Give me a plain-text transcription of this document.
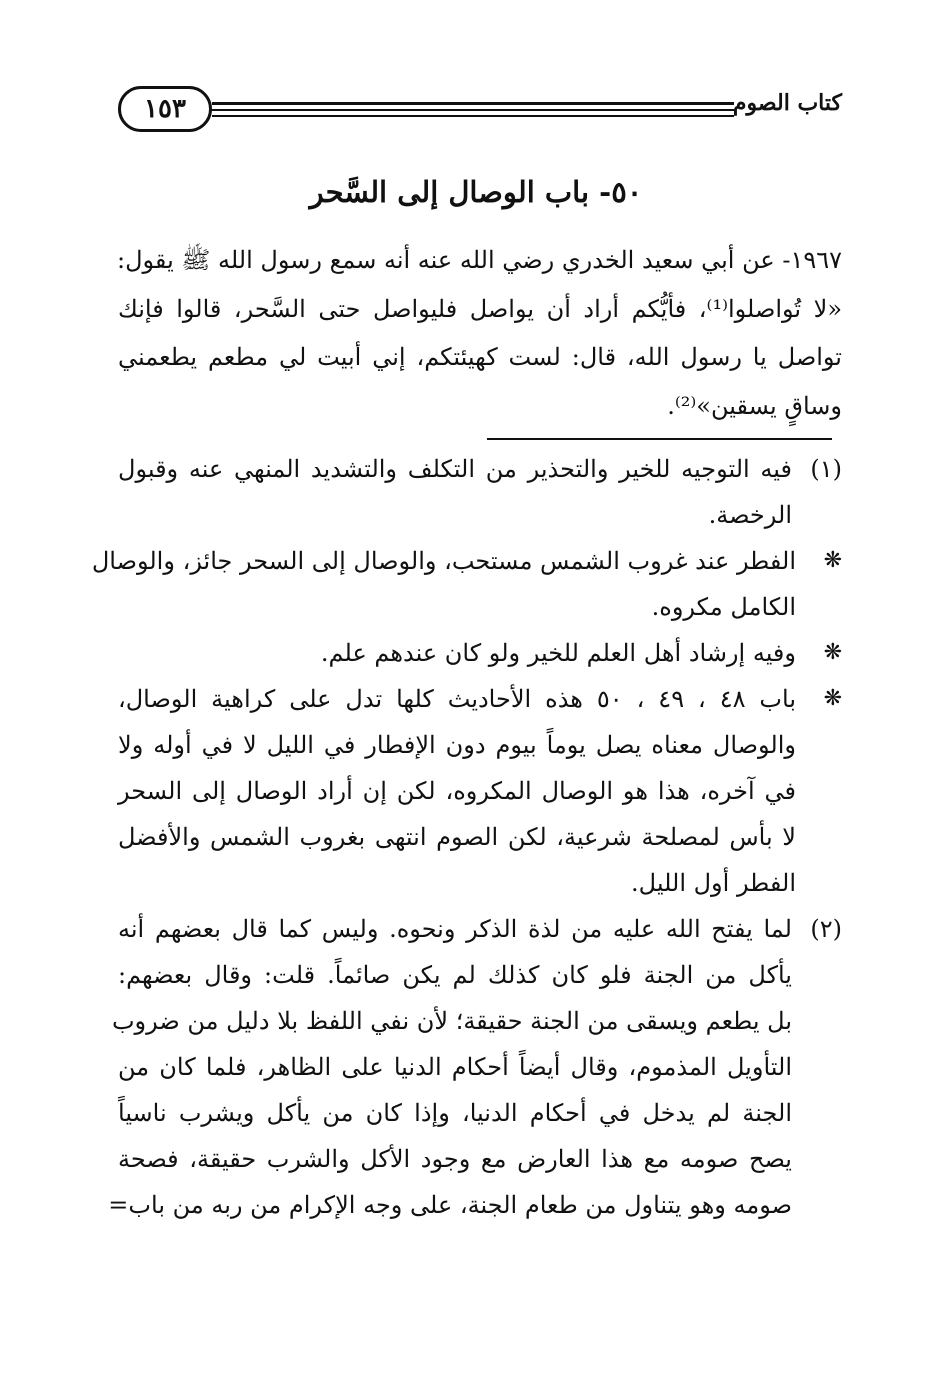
١٥٣	كتاب الصوم
٥٠- باب الوصال إلى السَّحر
١٩٦٧- عن أبي سعيد الخدري رضي الله عنه أنه سمع رسول الله ﷺ يقول:
«لا تُواصلوا⁽¹⁾، فأيُّكم أراد أن يواصل فليواصل حتى السَّحر، قالوا فإنك
تواصل يا رسول الله، قال: لست كهيئتكم، إني أبيت لي مطعم يطعمني
وساقٍ يسقين»⁽²⁾.
(١)
فيه التوجيه للخير والتحذير من التكلف والتشديد المنهي عنه وقبول
الرخصة.
❋
الفطر عند غروب الشمس مستحب، والوصال إلى السحر جائز، والوصال
الكامل مكروه.
❋
وفيه إرشاد أهل العلم للخير ولو كان عندهم علم.
❋
باب ٤٨ ، ٤٩ ، ٥٠ هذه الأحاديث كلها تدل على كراهية الوصال،
والوصال معناه يصل يوماً بيوم دون الإفطار في الليل لا في أوله ولا
في آخره، هذا هو الوصال المكروه، لكن إن أراد الوصال إلى السحر
لا بأس لمصلحة شرعية، لكن الصوم انتهى بغروب الشمس والأفضل
الفطر أول الليل.
(٢)
لما يفتح الله عليه من لذة الذكر ونحوه. وليس كما قال بعضهم أنه
يأكل من الجنة فلو كان كذلك لم يكن صائماً. قلت: وقال بعضهم:
بل يطعم ويسقى من الجنة حقيقة؛ لأن نفي اللفظ بلا دليل من ضروب
التأويل المذموم، وقال أيضاً أحكام الدنيا على الظاهر، فلما كان من
الجنة لم يدخل في أحكام الدنيا، وإذا كان من يأكل ويشرب ناسياً
يصح صومه مع هذا العارض مع وجود الأكل والشرب حقيقة، فصحة
صومه وهو يتناول من طعام الجنة، على وجه الإكرام من ربه من باب=
